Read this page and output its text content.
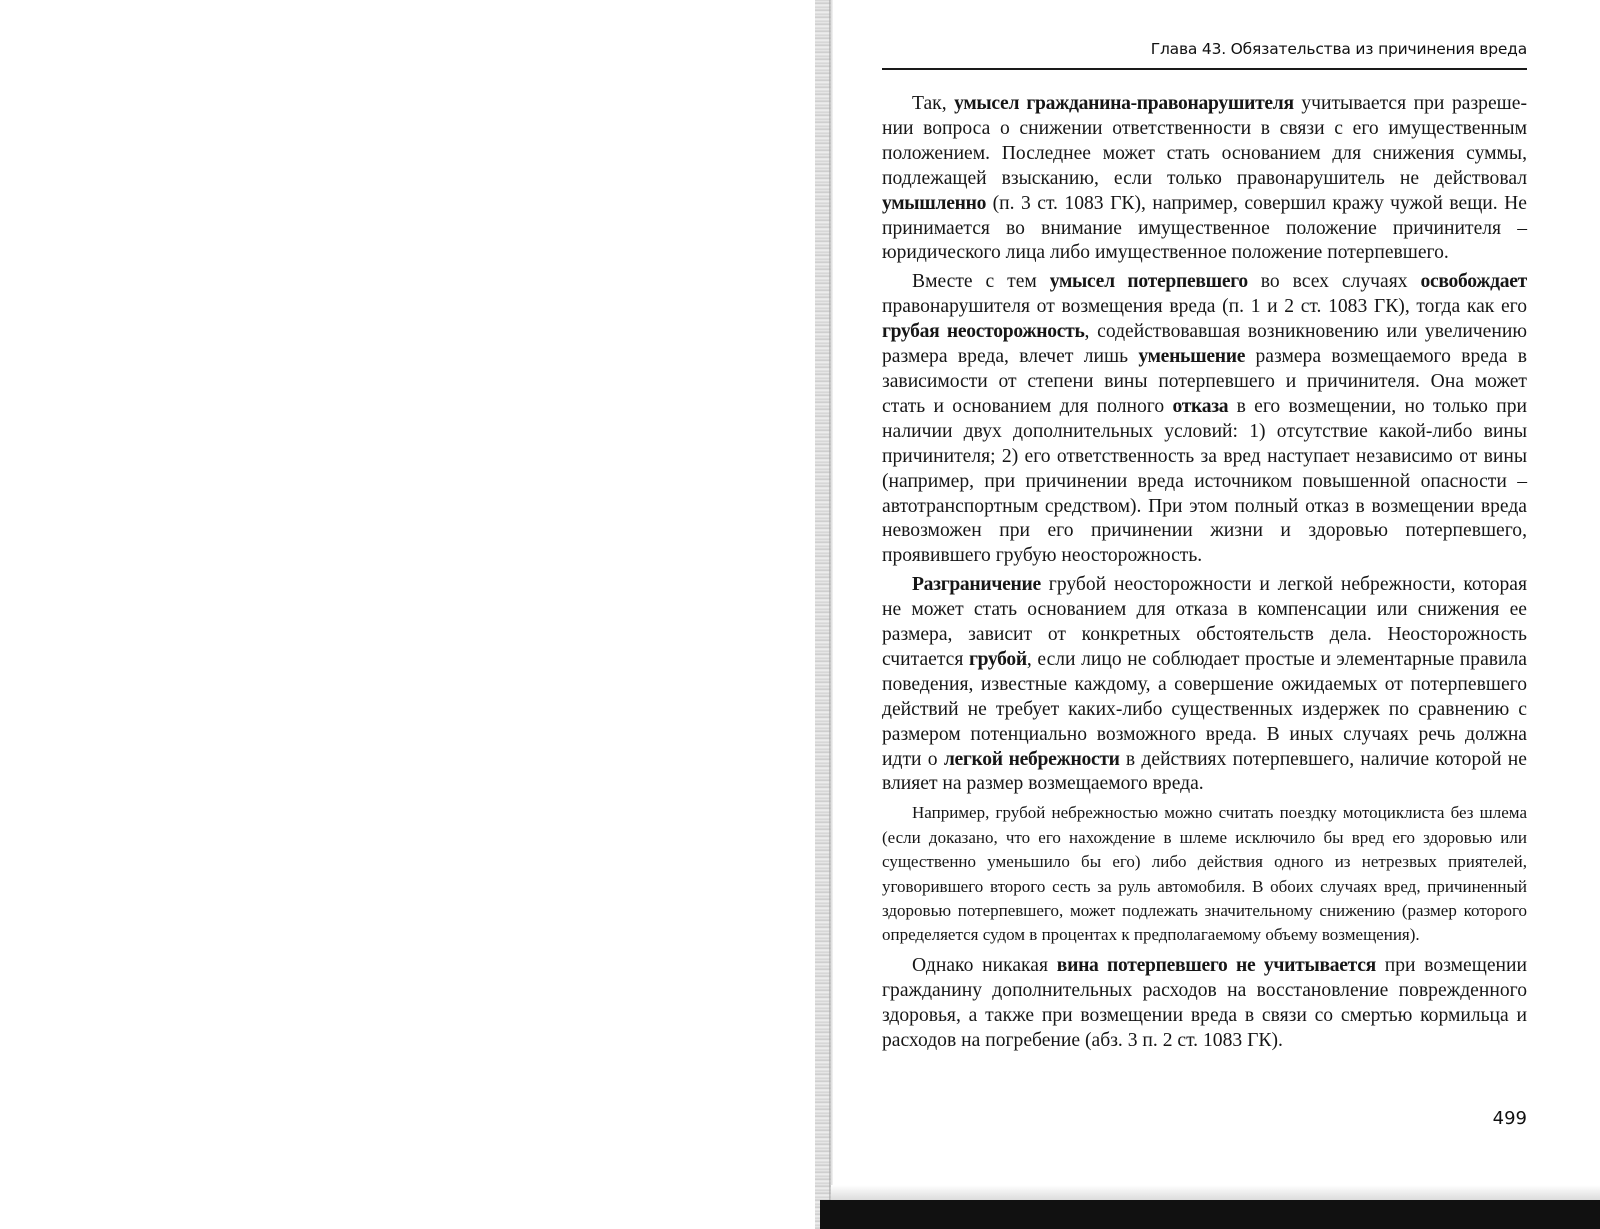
Глава 43. Обязательства из причинения вреда

Так, умысел гражданина-правонарушителя учитывается при разрешении вопроса о снижении ответственности в связи с его имущественным положением. Последнее может стать основанием для снижения суммы, подлежащей взысканию, если только правонарушитель не действовал умышленно (п. 3 ст. 1083 ГК), например, совершил кражу чужой вещи. Не принимается во внимание имущественное положение причинителя – юридического лица либо имущественное положение потерпевшего.

Вместе с тем умысел потерпевшего во всех случаях освобождает правонарушителя от возмещения вреда (п. 1 и 2 ст. 1083 ГК), тогда как его грубая неосторожность, содействовавшая возникновению или увеличению размера вреда, влечет лишь уменьшение размера возмещаемого вреда в зависимости от степени вины потерпевшего и причинителя. Она может стать и основанием для полного отказа в его возмещении, но только при наличии двух дополнительных условий: 1) отсутствие какой-либо вины причинителя; 2) его ответственность за вред наступает независимо от вины (например, при причинении вреда источником повышенной опасности – автотранспортным средством). При этом полный отказ в возмещении вреда невозможен при его причинении жизни и здоровью потерпевшего, проявившего грубую неосторожность.

Разграничение грубой неосторожности и легкой небрежности, которая не может стать основанием для отказа в компенсации или снижения ее размера, зависит от конкретных обстоятельств дела. Неосторожность считается грубой, если лицо не соблюдает простые и элементарные правила поведения, известные каждому, а совершение ожидаемых от потерпевшего действий не требует каких-либо существенных издержек по сравнению с размером потенциально возможного вреда. В иных случаях речь должна идти о легкой небрежности в действиях потерпевшего, наличие которой не влияет на размер возмещаемого вреда.

Например, грубой небрежностью можно считать поездку мотоциклиста без шлема (если доказано, что его нахождение в шлеме исключило бы вред его здоровью или существенно уменьшило бы его) либо действия одного из нетрезвых приятелей, уговорившего второго сесть за руль автомобиля. В обоих случаях вред, причиненный здоровью потерпевшего, может подлежать значительному снижению (размер которого определяется судом в процентах к предполагаемому объему возмещения).

Однако никакая вина потерпевшего не учитывается при возмещении гражданину дополнительных расходов на восстановление поврежденного здоровья, а также при возмещении вреда в связи со смертью кормильца и расходов на погребение (абз. 3 п. 2 ст. 1083 ГК).

499
